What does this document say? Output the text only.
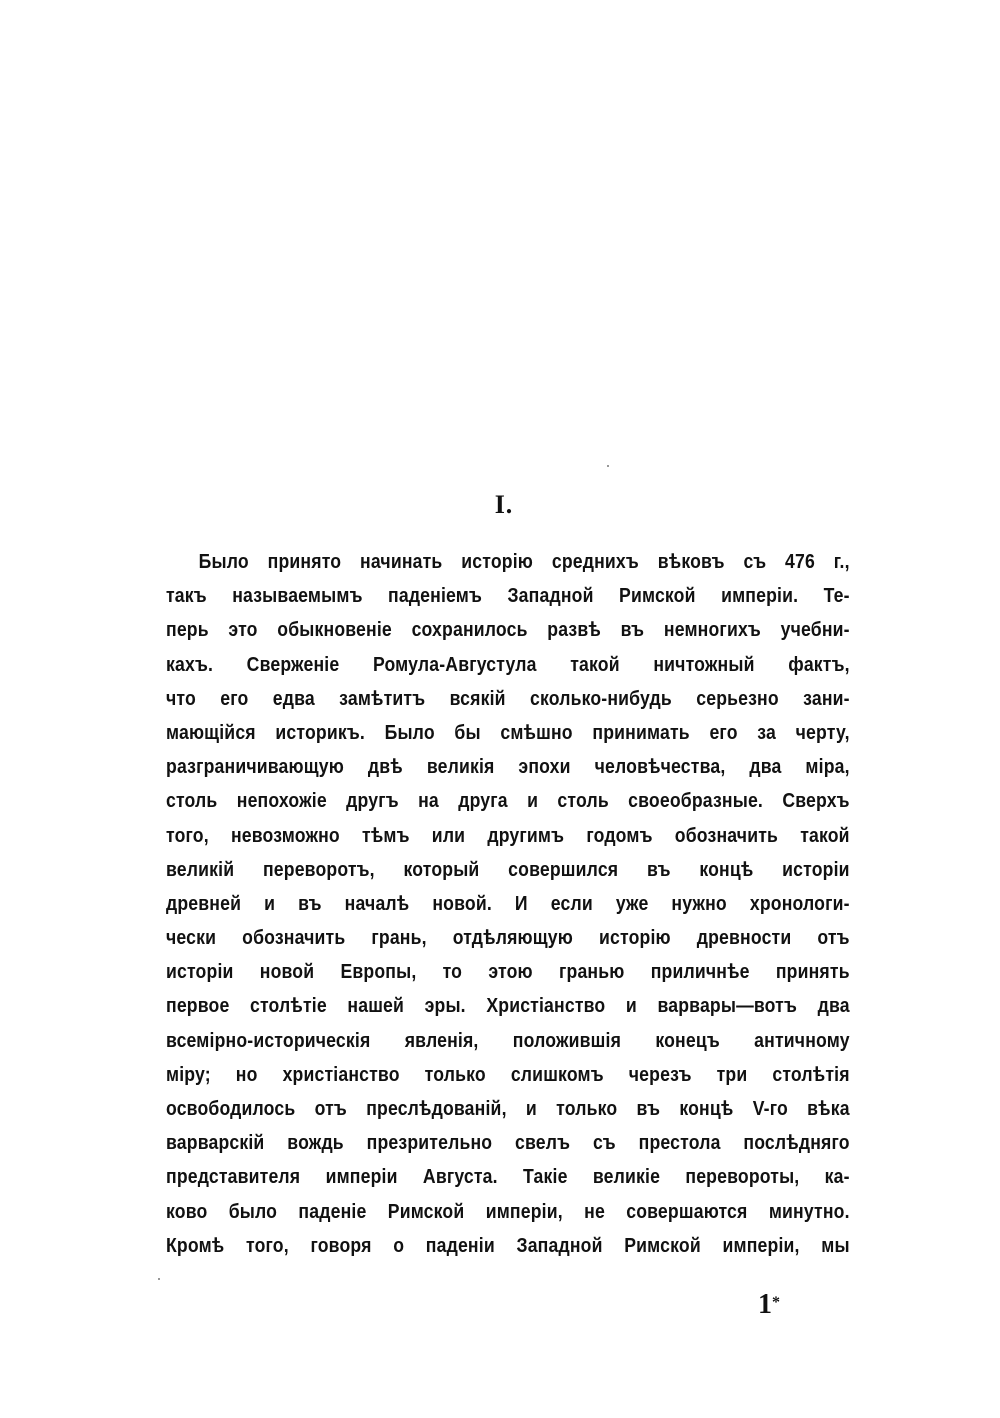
I.
Было принято начинать исторію среднихъ вѣковъ съ 476 г.,
такъ называемымъ паденіемъ Западной Римской имперіи. Те-
перь это обыкновеніе сохранилось развѣ въ немногихъ учебни-
кахъ. Сверженіе Ромула-Августула такой ничтожный фактъ,
что его едва замѣтитъ всякій сколько-нибудь серьезно зани-
мающійся историкъ. Было бы смѣшно принимать его за черту,
разграничивающую двѣ великія эпохи человѣчества, два міра,
столь непохожіе другъ на друга и столь своеобразные. Сверхъ
того, невозможно тѣмъ или другимъ годомъ обозначить такой
великій переворотъ, который совершился въ концѣ исторіи
древней и въ началѣ новой. И если уже нужно хронологи-
чески обозначить грань, отдѣляющую исторію древности отъ
исторіи новой Европы, то этою гранью приличнѣе принять
первое столѣтіе нашей эры. Христіанство и варвары—вотъ два
всемірно-историческія явленія, положившія конецъ античному
міру; но христіанство только слишкомъ черезъ три столѣтія
освободилось отъ преслѣдованій, и только въ концѣ V-го вѣка
варварскій вождь презрительно свелъ съ престола послѣдняго
представителя имперіи Августа. Такіе великіе перевороты, ка-
ково было паденіе Римской имперіи, не совершаются минутно.
Кромѣ того, говоря о паденіи Западной Римской имперіи, мы
1*
